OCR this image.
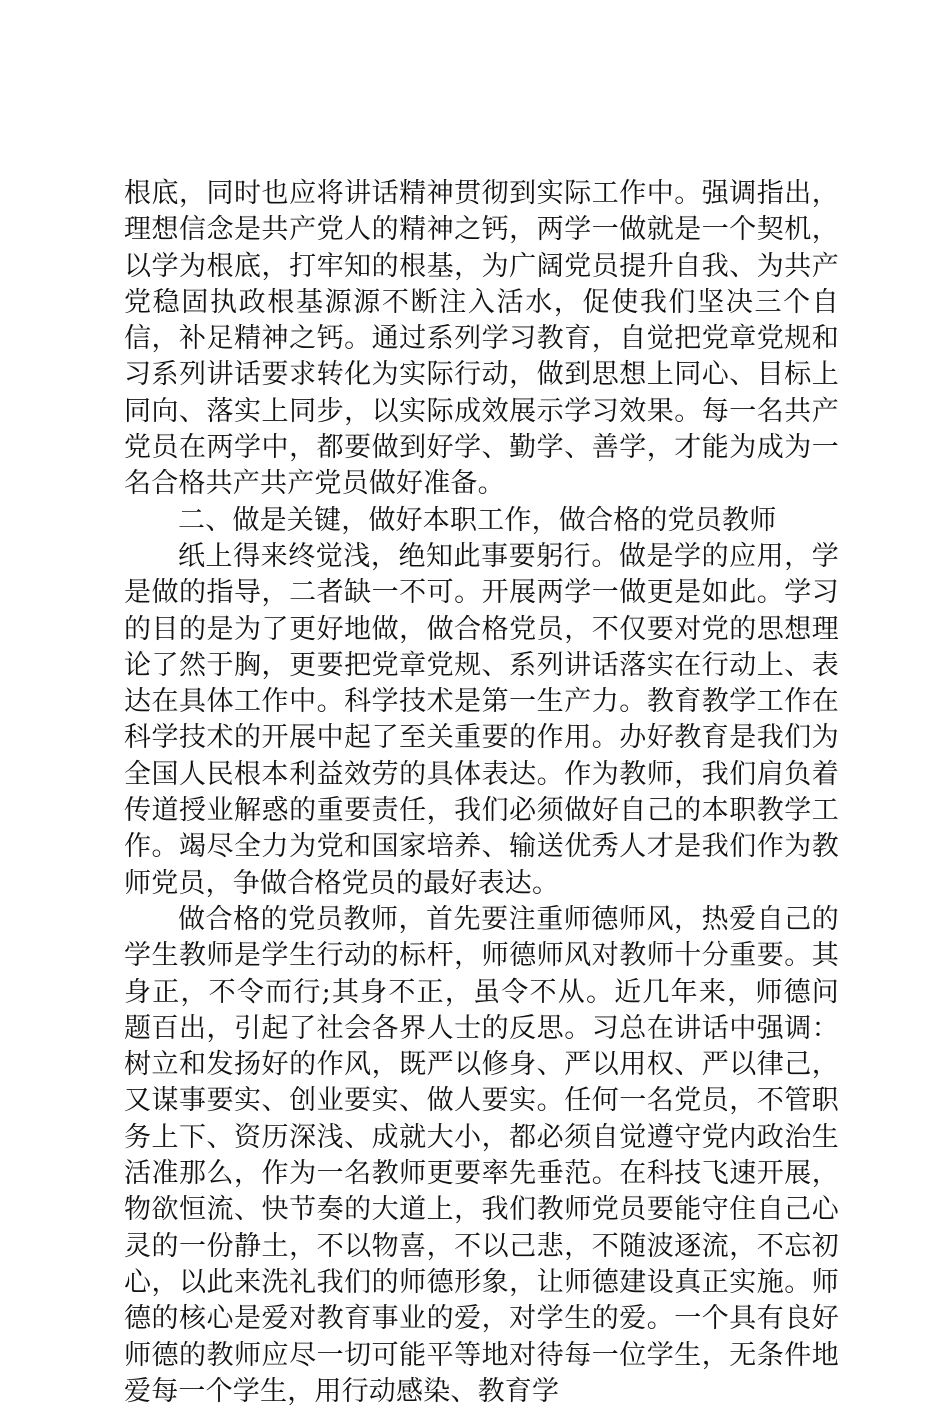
根底，同时也应将讲话精神贯彻到实际工作中。强调指出，理想信念是共产党人的精神之钙，两学一做就是一个契机，以学为根底，打牢知的根基，为广阔党员提升自我、为共产党稳固执政根基源源不断注入活水，促使我们坚决三个自信，补足精神之钙。通过系列学习教育，自觉把党章党规和习系列讲话要求转化为实际行动，做到思想上同心、目标上同向、落实上同步，以实际成效展示学习效果。每一名共产党员在两学中，都要做到好学、勤学、善学，才能为成为一名合格共产共产党员做好准备。

二、做是关键，做好本职工作，做合格的党员教师

纸上得来终觉浅，绝知此事要躬行。做是学的应用，学是做的指导，二者缺一不可。开展两学一做更是如此。学习的目的是为了更好地做，做合格党员，不仅要对党的思想理论了然于胸，更要把党章党规、系列讲话落实在行动上、表达在具体工作中。科学技术是第一生产力。教育教学工作在科学技术的开展中起了至关重要的作用。办好教育是我们为全国人民根本利益效劳的具体表达。作为教师，我们肩负着传道授业解惑的重要责任，我们必须做好自己的本职教学工作。竭尽全力为党和国家培养、输送优秀人才是我们作为教师党员，争做合格党员的最好表达。

做合格的党员教师，首先要注重师德师风，热爱自己的学生教师是学生行动的标杆，师德师风对教师十分重要。其身正，不令而行;其身不正，虽令不从。近几年来，师德问题百出，引起了社会各界人士的反思。习总在讲话中强调：树立和发扬好的作风，既严以修身、严以用权、严以律己，又谋事要实、创业要实、做人要实。任何一名党员，不管职务上下、资历深浅、成就大小，都必须自觉遵守党内政治生活准那么，作为一名教师更要率先垂范。在科技飞速开展，物欲恒流、快节奏的大道上，我们教师党员要能守住自己心灵的一份静土，不以物喜，不以己悲，不随波逐流，不忘初心，以此来洗礼我们的师德形象，让师德建设真正实施。师德的核心是爱对教育事业的爱，对学生的爱。一个具有良好师德的教师应尽一切可能平等地对待每一位学生，无条件地爱每一个学生，用行动感染、教育学
